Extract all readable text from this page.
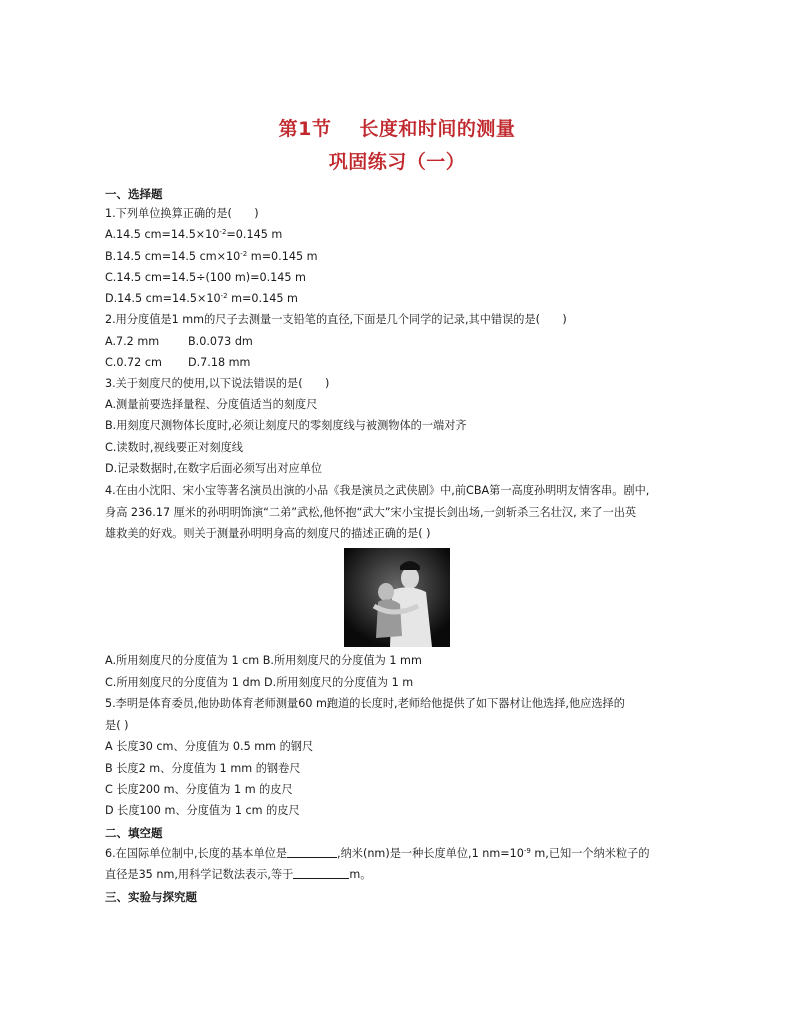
第1节 长度和时间的测量
巩固练习（一）
一、选择题
1.下列单位换算正确的是(　　)
A.14.5 $cm=14.5\times 10^{-2}=0.145$ m
B.14.5 cm=14.5 $cm\times 10^{-2}$ m=0.145 m
C.14.5 cm=14.5÷(100 m)=0.145 m
D.14.5 $cm=14.5\times 10^{-2}$ m=0.145 m
2.用分度值是1 mm的尺子去测量一支铅笔的直径,下面是几个同学的记录,其中错误的是(　　)
A.7.2 mm	B.0.073 dm
C.0.72 cm D.7.18 mm
3.关于刻度尺的使用,以下说法错误的是(　　)
A.测量前要选择量程、分度值适当的刻度尺
B.用刻度尺测物体长度时,必须让刻度尺的零刻度线与被测物体的一端对齐
C.读数时,视线要正对刻度线
D.记录数据时,在数字后面必须写出对应单位
4.在由小沈阳、宋小宝等著名演员出演的小品《我是演员之武侠剧》中,前CBA第一高度孙明明友情客串。剧中,
身高 236.17 厘米的孙明明饰演“二弟”武松,他怀抱“武大”宋小宝提长剑出场,一剑斩杀三名壮汉, 来了一出英
雄救美的好戏。则关于测量孙明明身高的刻度尺的描述正确的是( )
A.所用刻度尺的分度值为 1 cm B.所用刻度尺的分度值为 1 mm
C.所用刻度尺的分度值为 1 dm D.所用刻度尺的分度值为 1 m
5.李明是体育委员,他协助体育老师测量60 m跑道的长度时,老师给他提供了如下器材让他选择,他应选择的
是( )
A 长度30 cm、分度值为 0.5 mm 的钢尺
B 长度2 m、分度值为 1 mm 的钢卷尺
C 长度200 m、分度值为 1 m 的皮尺
D 长度100 m、分度值为 1 cm 的皮尺
二、填空题
6.在国际单位制中,长度的基本单位是	,纳米(nm)是一种长度单位,1 $nm=10^{-9}$ m,已知一个纳米粒子的
直径是35 nm,用科学记数法表示,等于	m。
三、实验与探究题
